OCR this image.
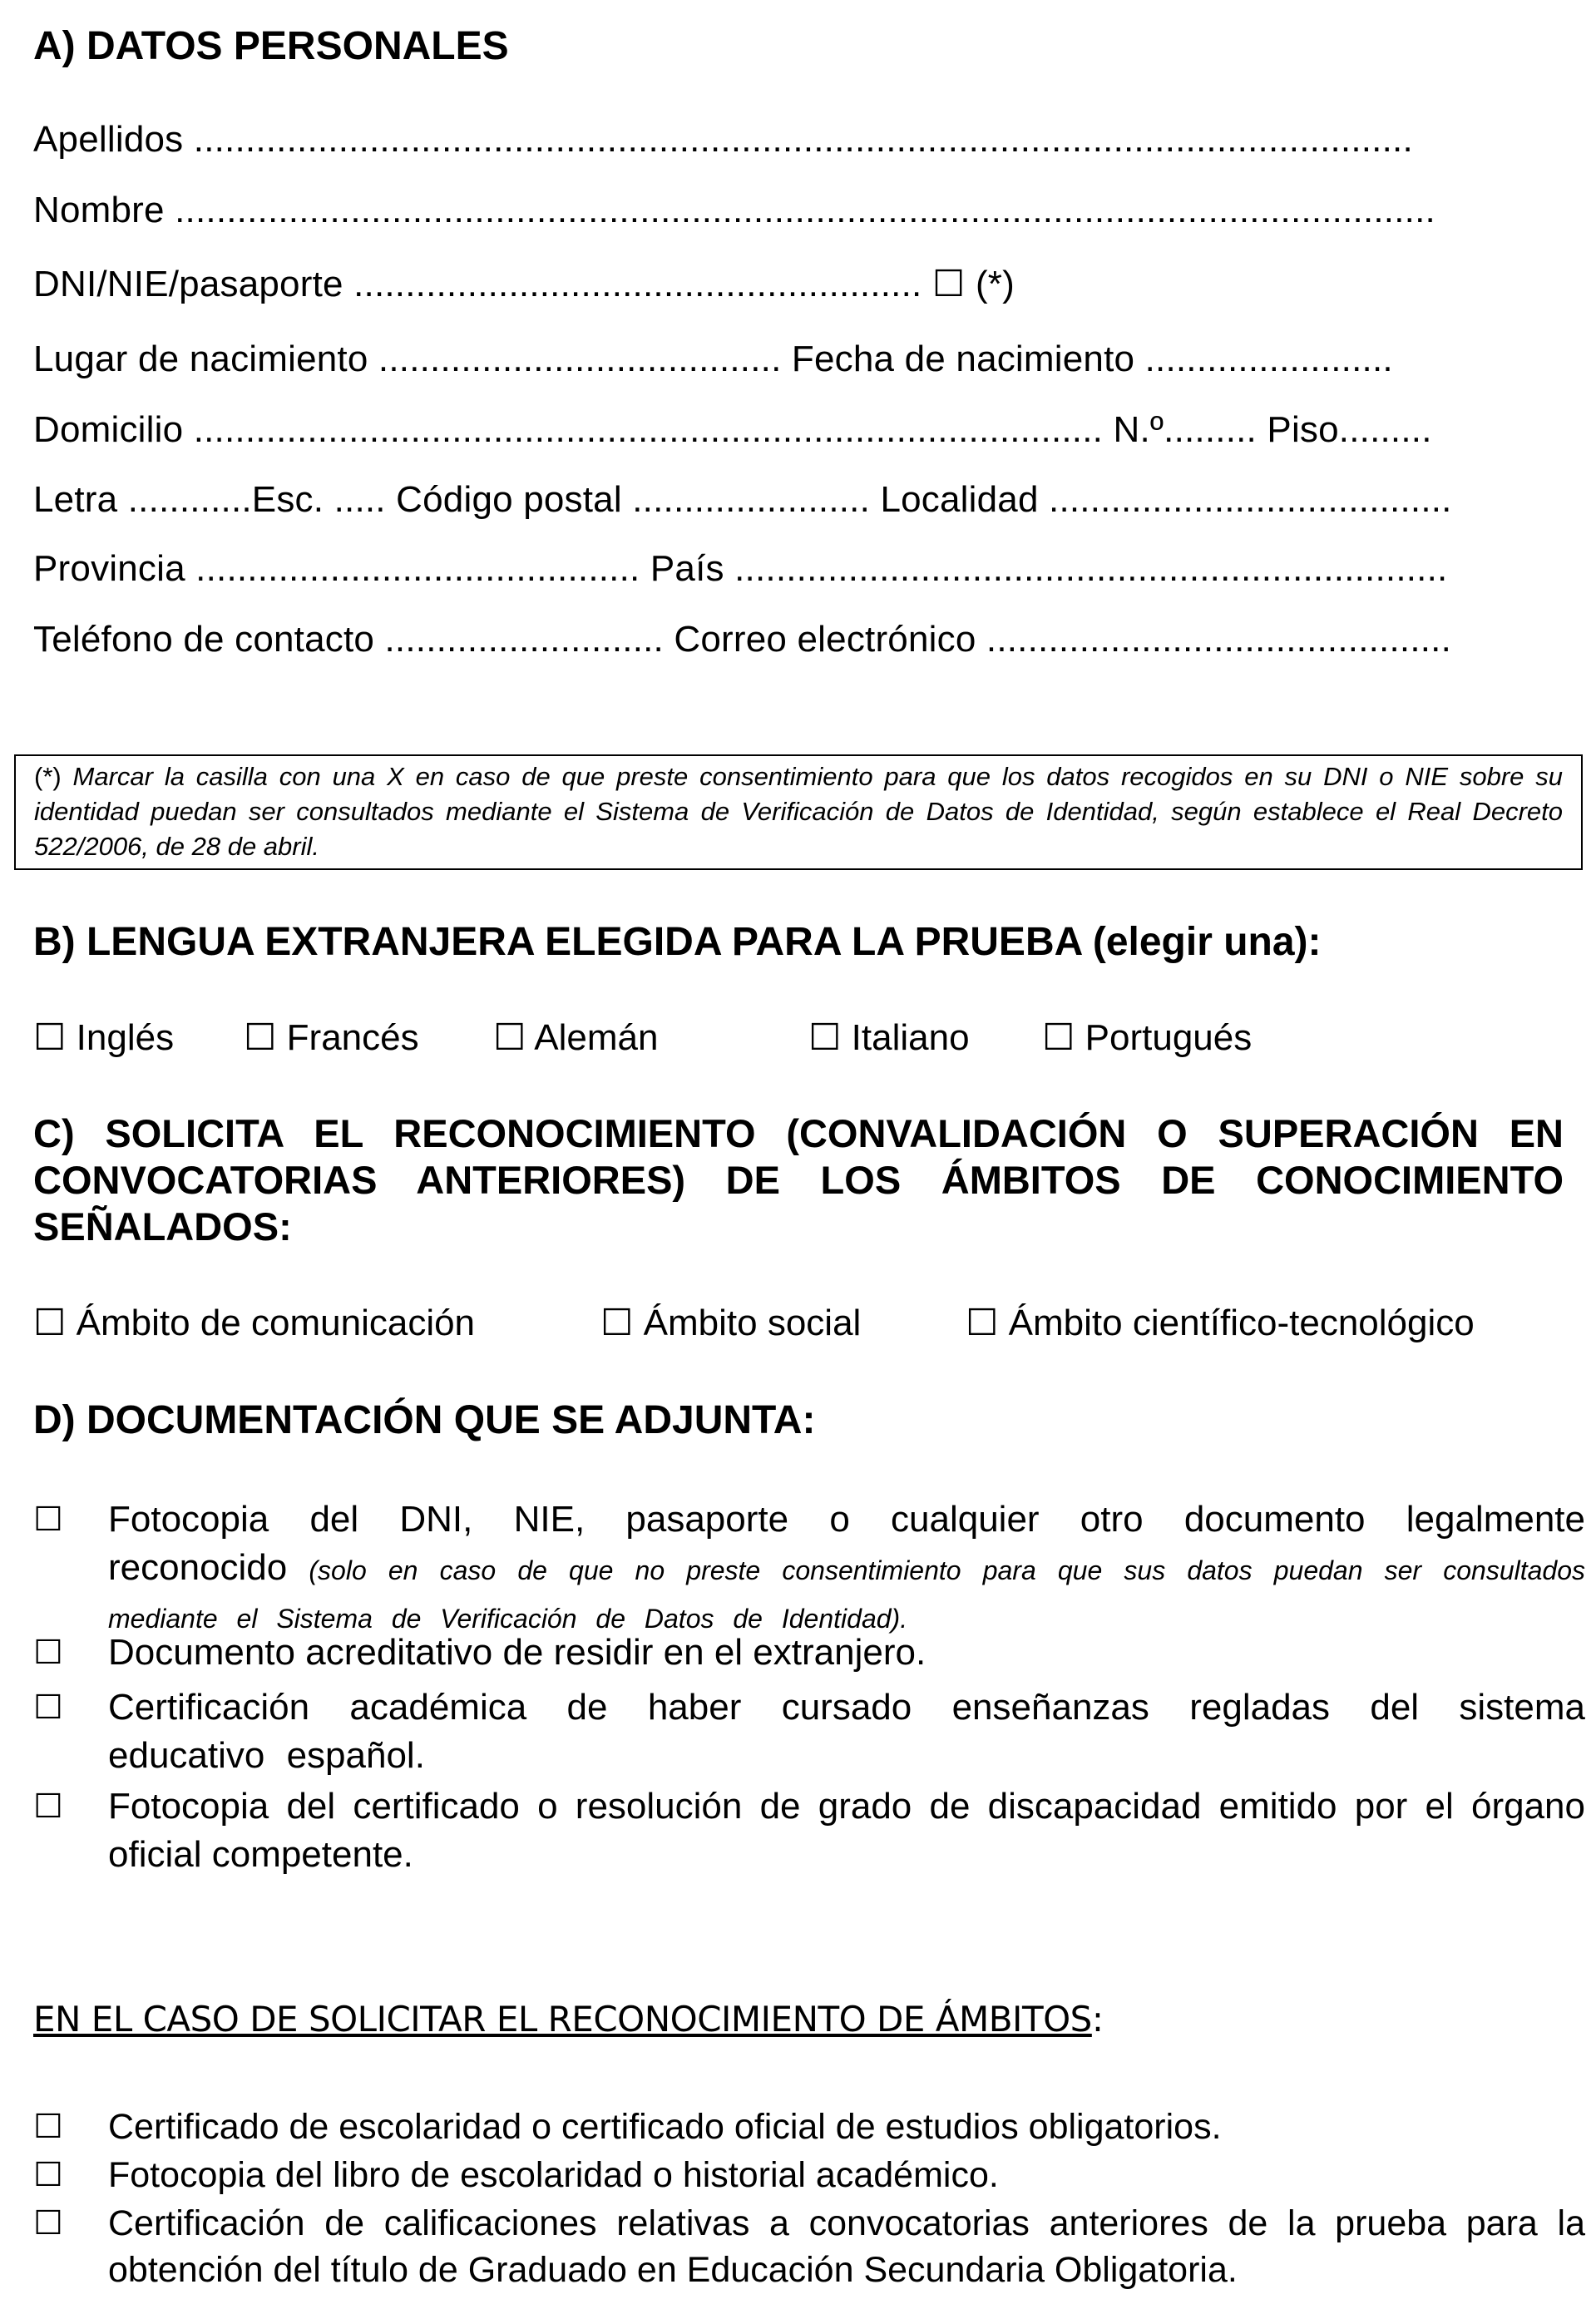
A) DATOS PERSONALES
Apellidos ......................................................................................................................
Nombre ..........................................................................................................................
DNI/NIE/pasaporte ....................................................... ☐ (*)
Lugar de nacimiento ....................................... Fecha de nacimiento ........................
Domicilio ........................................................................................ N.º......... Piso.........
Letra ............Esc. ..... Código postal ....................... Localidad .......................................
Provincia ........................................... País .....................................................................
Teléfono de contacto ........................... Correo electrónico .............................................
(*) Marcar la casilla con una X en caso de que preste consentimiento para que los datos recogidos en su DNI o NIE sobre su identidad puedan ser consultados mediante el Sistema de Verificación de Datos de Identidad, según establece el Real Decreto 522/2006, de 28 de abril.
B) LENGUA EXTRANJERA ELEGIDA PARA LA PRUEBA (elegir una):
☐ Inglés ☐ Francés ☐ Alemán	☐ Italiano ☐ Portugués
C) SOLICITA EL RECONOCIMIENTO (CONVALIDACIÓN O SUPERACIÓN EN CONVOCATORIAS ANTERIORES) DE LOS ÁMBITOS DE CONOCIMIENTO SEÑALADOS:
☐ Ámbito de comunicación	☐ Ámbito social	☐ Ámbito científico-tecnológico
D) DOCUMENTACIÓN QUE SE ADJUNTA:
☐ Fotocopia del DNI, NIE, pasaporte o cualquier otro documento legalmente reconocido (solo en caso de que no preste consentimiento para que sus datos puedan ser consultados mediante el Sistema de Verificación de Datos de Identidad).
☐ Documento acreditativo de residir en el extranjero.
☐ Certificación académica de haber cursado enseñanzas regladas del sistema educativo español.
☐ Fotocopia del certificado o resolución de grado de discapacidad emitido por el órgano oficial competente.
EN EL CASO DE SOLICITAR EL RECONOCIMIENTO DE ÁMBITOS:
☐ Certificado de escolaridad o certificado oficial de estudios obligatorios.
☐ Fotocopia del libro de escolaridad o historial académico.
☐ Certificación de calificaciones relativas a convocatorias anteriores de la prueba para la obtención del título de Graduado en Educación Secundaria Obligatoria.
